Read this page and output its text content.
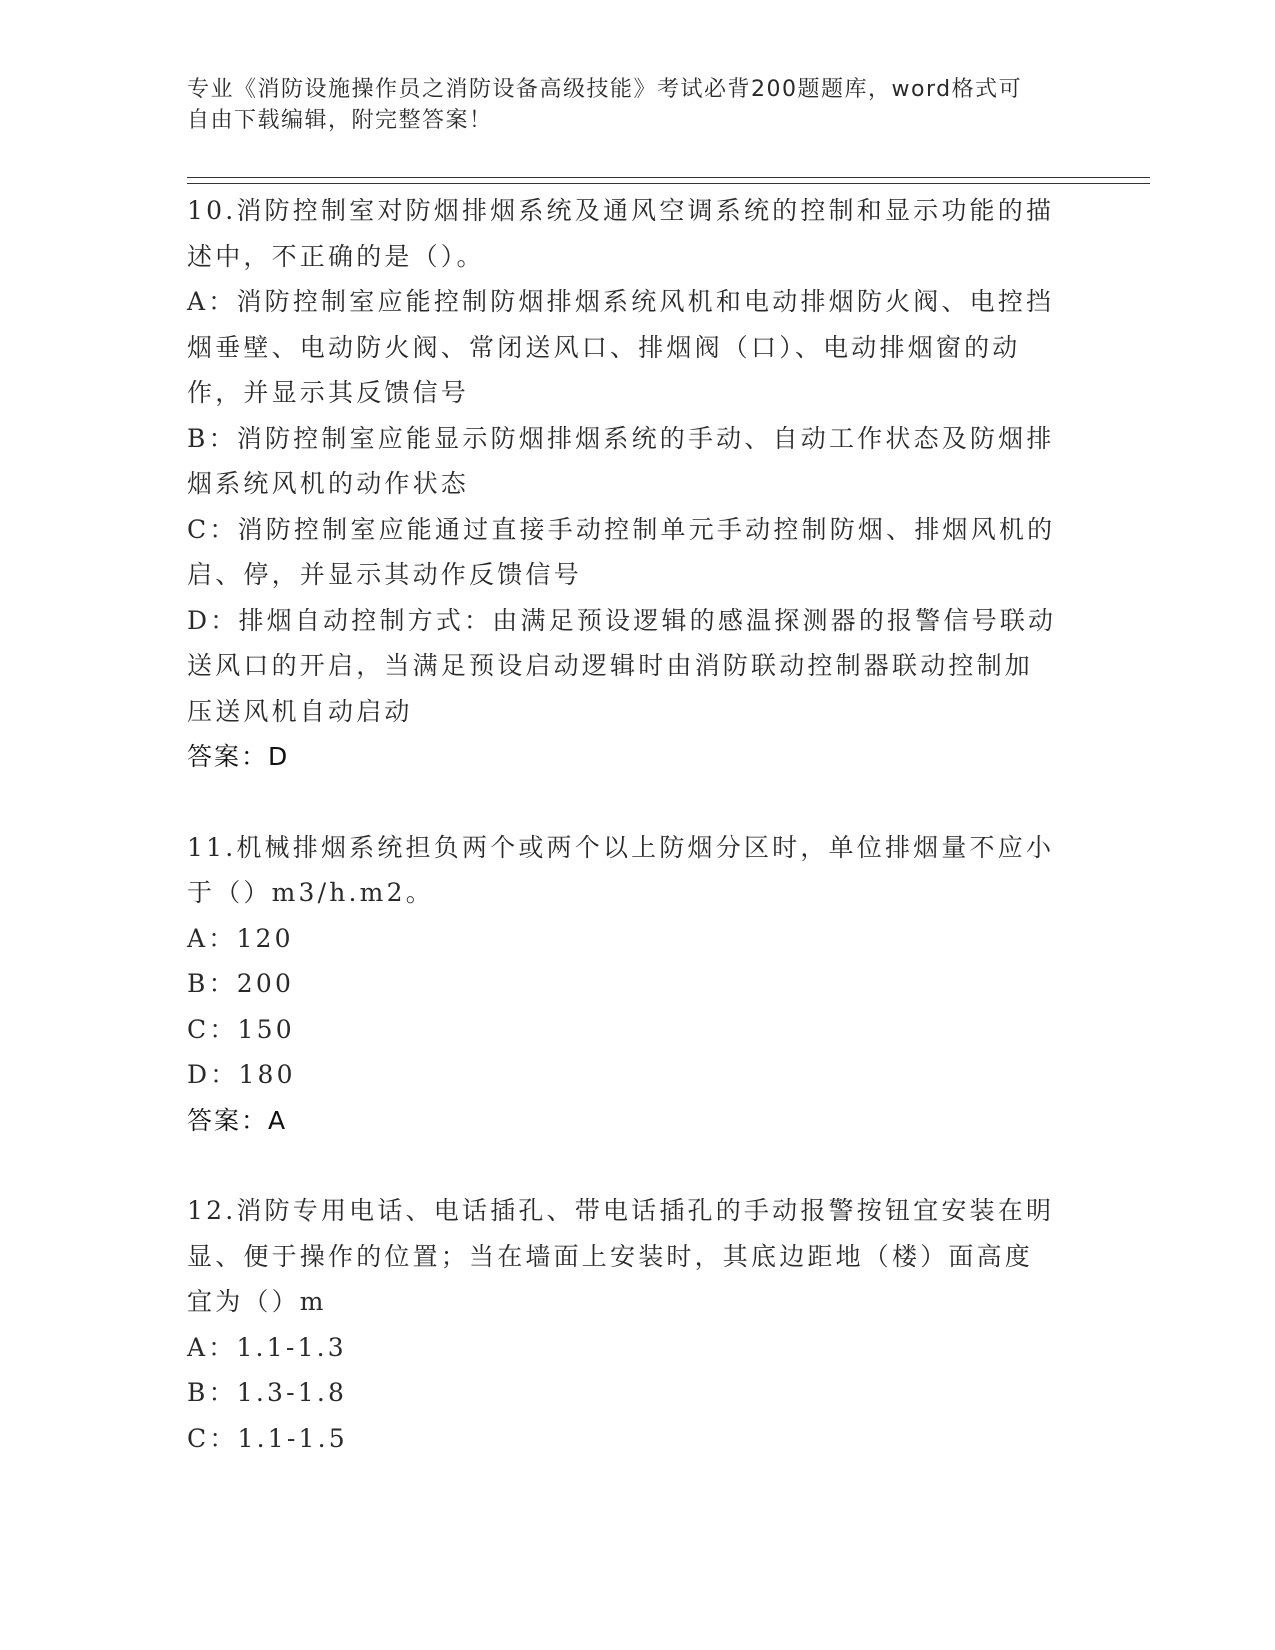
专业《消防设施操作员之消防设备高级技能》考试必背200题题库，word格式可
自由下载编辑，附完整答案！

10.消防控制室对防烟排烟系统及通风空调系统的控制和显示功能的描

述中，不正确的是（）。

A：消防控制室应能控制防烟排烟系统风机和电动排烟防火阀、电控挡

烟垂壁、电动防火阀、常闭送风口、排烟阀（口）、电动排烟窗的动

作，并显示其反馈信号

B：消防控制室应能显示防烟排烟系统的手动、自动工作状态及防烟排

烟系统风机的动作状态

C：消防控制室应能通过直接手动控制单元手动控制防烟、排烟风机的

启、停，并显示其动作反馈信号

D：排烟自动控制方式：由满足预设逻辑的感温探测器的报警信号联动

送风口的开启，当满足预设启动逻辑时由消防联动控制器联动控制加

压送风机自动启动

答案：D

11.机械排烟系统担负两个或两个以上防烟分区时，单位排烟量不应小

于（）m3/h.m2。

A：120

B：200

C：150

D：180

答案：A

12.消防专用电话、电话插孔、带电话插孔的手动报警按钮宜安装在明

显、便于操作的位置；当在墙面上安装时，其底边距地（楼）面高度

宜为（）m

A：1.1-1.3

B：1.3-1.8

C：1.1-1.5
